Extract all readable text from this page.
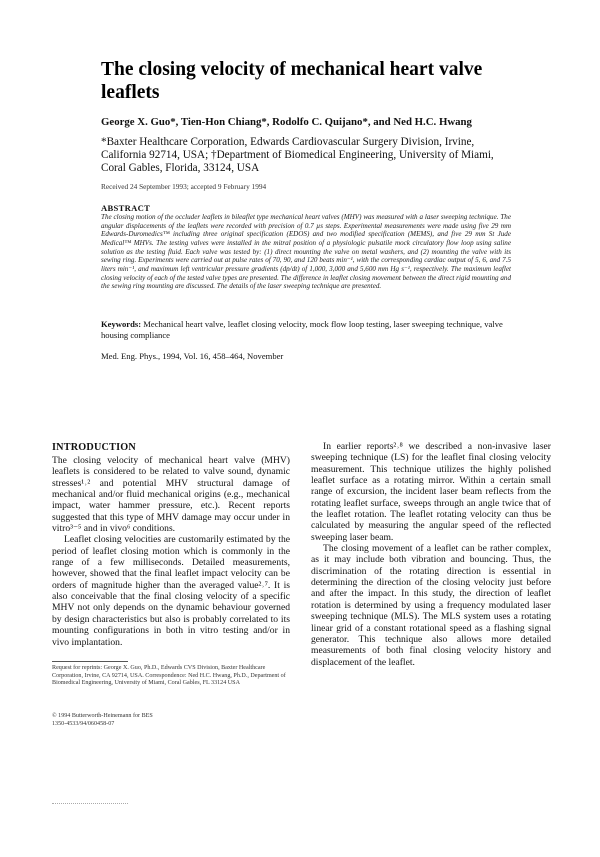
The closing velocity of mechanical heart valve leaflets
George X. Guo*, Tien-Hon Chiang*, Rodolfo C. Quijano*, and Ned H.C. Hwang
*Baxter Healthcare Corporation, Edwards Cardiovascular Surgery Division, Irvine, California 92714, USA; †Department of Biomedical Engineering, University of Miami, Coral Gables, Florida, 33124, USA
Received 24 September 1993; accepted 9 February 1994
ABSTRACT
The closing motion of the occluder leaflets in bileaflet type mechanical heart valves (MHV) was measured with a laser sweeping technique. The angular displacements of the leaflets were recorded with precision of 0.7 µs steps. Experimental measurements were made using five 29 mm Edwards-Duromedics™ including three original specification (EDOS) and two modified specification (MEMS), and five 29 mm St Jude Medical™ MHVs. The testing valves were installed in the mitral position of a physiologic pulsatile mock circulatory flow loop using saline solution as the testing fluid. Each valve was tested by: (1) direct mounting the valve on metal washers, and (2) mounting the valve with its sewing ring. Experiments were carried out at pulse rates of 70, 90, and 120 beats min⁻¹, with the corresponding cardiac output of 5, 6, and 7.5 liters min⁻¹, and maximum left ventricular pressure gradients (dp/dt) of 1,000, 3,000 and 5,600 mm Hg s⁻¹, respectively. The maximum leaflet closing velocity of each of the tested valve types are presented. The difference in leaflet closing movement between the direct rigid mounting and the sewing ring mounting are discussed. The details of the laser sweeping technique are presented.
Keywords: Mechanical heart valve, leaflet closing velocity, mock flow loop testing, laser sweeping technique, valve housing compliance
Med. Eng. Phys., 1994, Vol. 16, 458–464, November
INTRODUCTION

The closing velocity of mechanical heart valve (MHV) leaflets is considered to be related to valve sound, dynamic stresses¹˒² and potential MHV structural damage of mechanical and/or fluid mechanical origins (e.g., mechanical impact, water hammer pressure, etc.). Recent reports suggested that this type of MHV damage may occur under in vitro³⁻⁵ and in vivo⁶ conditions.

Leaflet closing velocities are customarily estimated by the period of leaflet closing motion which is commonly in the range of a few milliseconds. Detailed measurements, however, showed that the final leaflet impact velocity can be orders of magnitude higher than the averaged value²˒⁷. It is also conceivable that the final closing velocity of a specific MHV not only depends on the dynamic behaviour governed by design characteristics but also is probably correlated to its mounting configurations in both in vitro testing and/or in vivo implantation.

In earlier reports²˒⁸ we described a non-invasive laser sweeping technique (LS) for the leaflet final closing velocity measurement. This technique utilizes the highly polished leaflet surface as a rotating mirror. Within a certain small range of excursion, the incident laser beam reflects from the rotating leaflet surface, sweeps through an angle twice that of the leaflet rotation. The leaflet rotating velocity can thus be calculated by measuring the angular speed of the reflected sweeping laser beam.

The closing movement of a leaflet can be rather complex, as it may include both vibration and bouncing. Thus, the discrimination of the rotating direction is essential in determining the direction of the closing velocity just before and after the impact. In this study, the direction of leaflet rotation is determined by using a frequency modulated laser sweeping technique (MLS). The MLS system uses a rotating linear grid of a constant rotational speed as a flashing signal generator. This technique also allows more detailed measurements of both final closing velocity history and displacement of the leaflet.

Request for reprints: George X. Guo, Ph.D., Edwards CVS Division, Baxter Healthcare Corporation, Irvine, CA 92714, USA. Correspondence: Ned H.C. Hwang, Ph.D., Department of Biomedical Engineering, University of Miami, Coral Gables, FL 33124 USA
© 1994 Butterworth-Heinemann for BES
1350-4533/94/060458-07
